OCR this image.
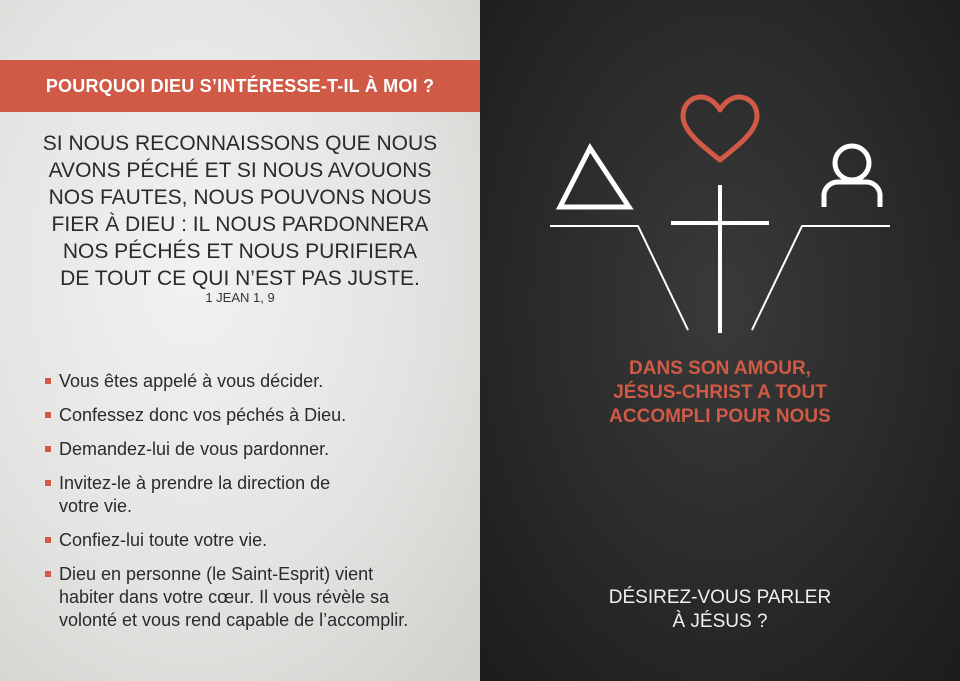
POURQUOI DIEU S’INTÉRESSE-T-IL À MOI ?
SI NOUS RECONNAISSONS QUE NOUS
AVONS PÉCHÉ ET SI NOUS AVOUONS
NOS FAUTES, NOUS POUVONS NOUS
FIER À DIEU : IL NOUS PARDONNERA
NOS PÉCHÉS ET NOUS PURIFIERA
DE TOUT CE QUI N’EST PAS JUSTE.
1 JEAN 1, 9
Vous êtes appelé à vous décider.
Confessez donc vos péchés à Dieu.
Demandez-lui de vous pardonner.
Invitez-le à prendre la direction de
votre vie.
Confiez-lui toute votre vie.
Dieu en personne (le Saint-Esprit) vient
habiter dans votre cœur. Il vous révèle sa
volonté et vous rend capable de l’accomplir.
DANS SON AMOUR,
JÉSUS-CHRIST A TOUT
ACCOMPLI POUR NOUS
DÉSIREZ-VOUS PARLER
À JÉSUS ?
